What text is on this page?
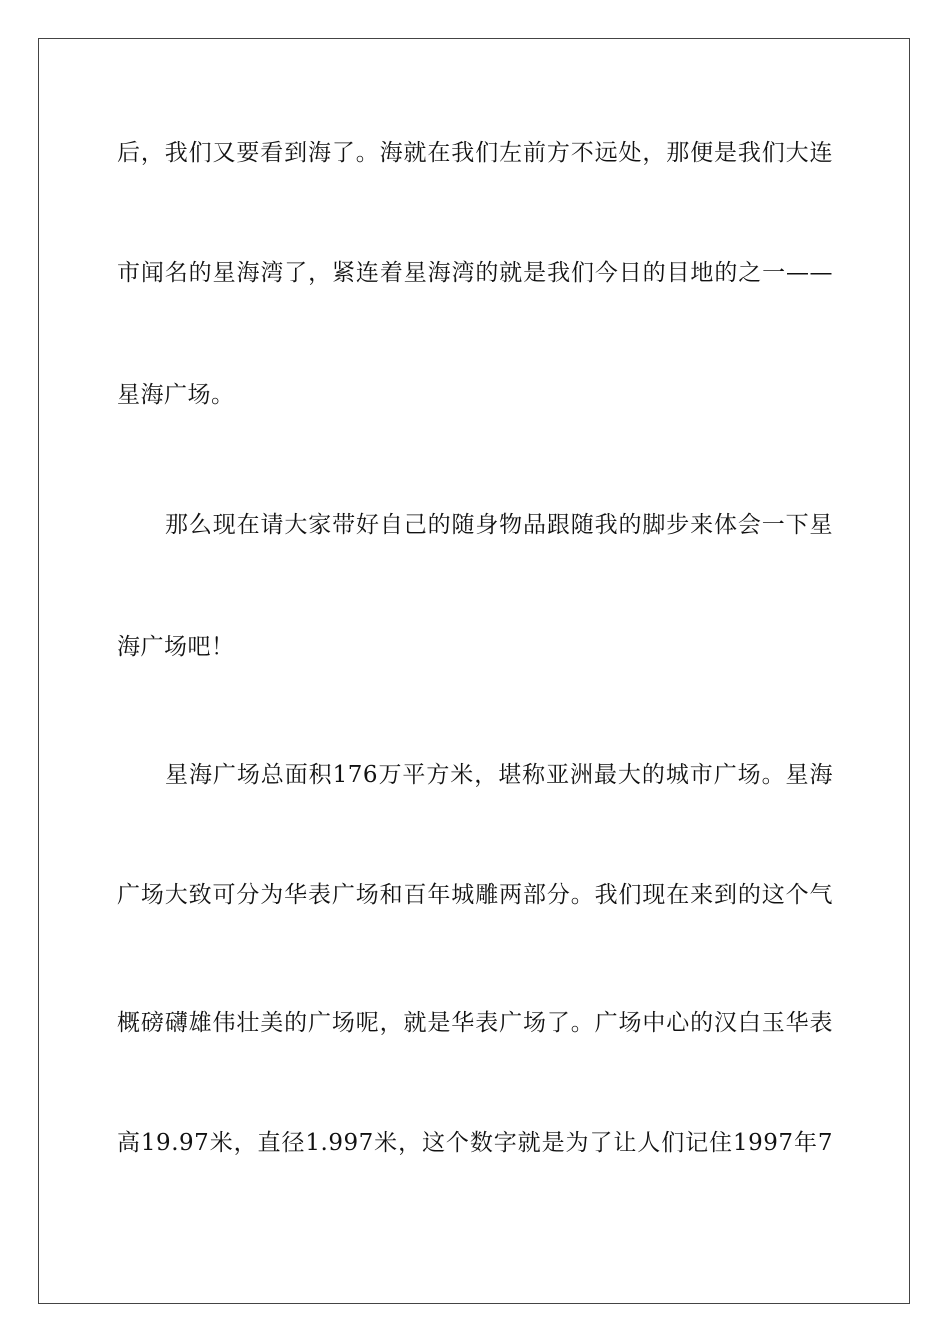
后，我们又要看到海了。海就在我们左前方不远处，那便是我们大连
市闻名的星海湾了，紧连着星海湾的就是我们今日的目地的之一——
星海广场。
那么现在请大家带好自己的随身物品跟随我的脚步来体会一下星
海广场吧！
星海广场总面积176万平方米，堪称亚洲最大的城市广场。星海
广场大致可分为华表广场和百年城雕两部分。我们现在来到的这个气
概磅礴雄伟壮美的广场呢，就是华表广场了。广场中心的汉白玉华表
高19.97米，直径1.997米，这个数字就是为了让人们记住1997年7
